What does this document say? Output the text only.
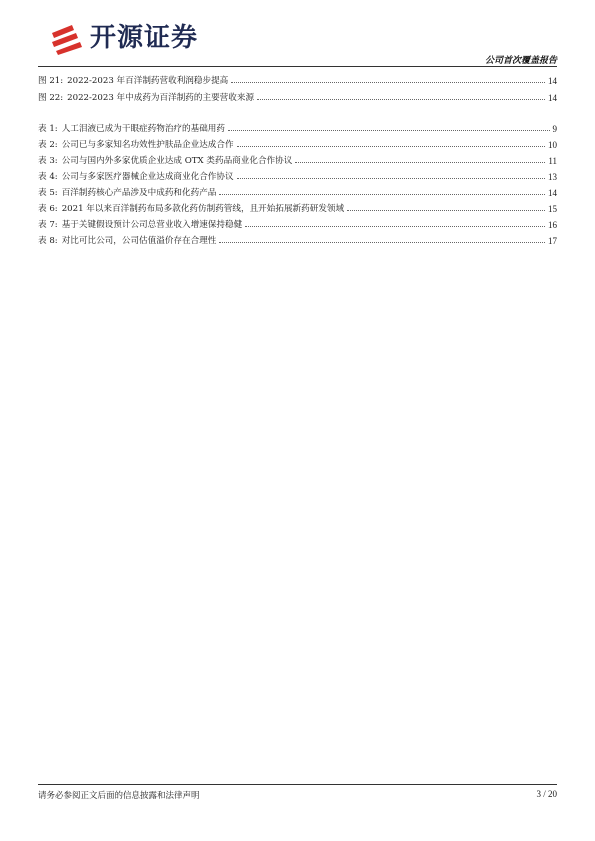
开源证券
公司首次覆盖报告
图 21: 2022-2023 年百洋制药营收利润稳步提高	14
图 22: 2022-2023 年中成药为百洋制药的主要营收来源	14
表 1: 人工泪液已成为干眼症药物治疗的基础用药	9
表 2: 公司已与多家知名功效性护肤品企业达成合作	10
表 3: 公司与国内外多家优质企业达成 OTX 类药品商业化合作协议	11
表 4: 公司与多家医疗器械企业达成商业化合作协议	13
表 5: 百洋制药核心产品涉及中成药和化药产品	14
表 6: 2021 年以来百洋制药布局多款化药仿制药管线，且开始拓展新药研发领域	15
表 7: 基于关键假设预计公司总营业收入增速保持稳健	16
表 8: 对比可比公司，公司估值溢价存在合理性	17
请务必参阅正文后面的信息披露和法律声明	3 / 20
